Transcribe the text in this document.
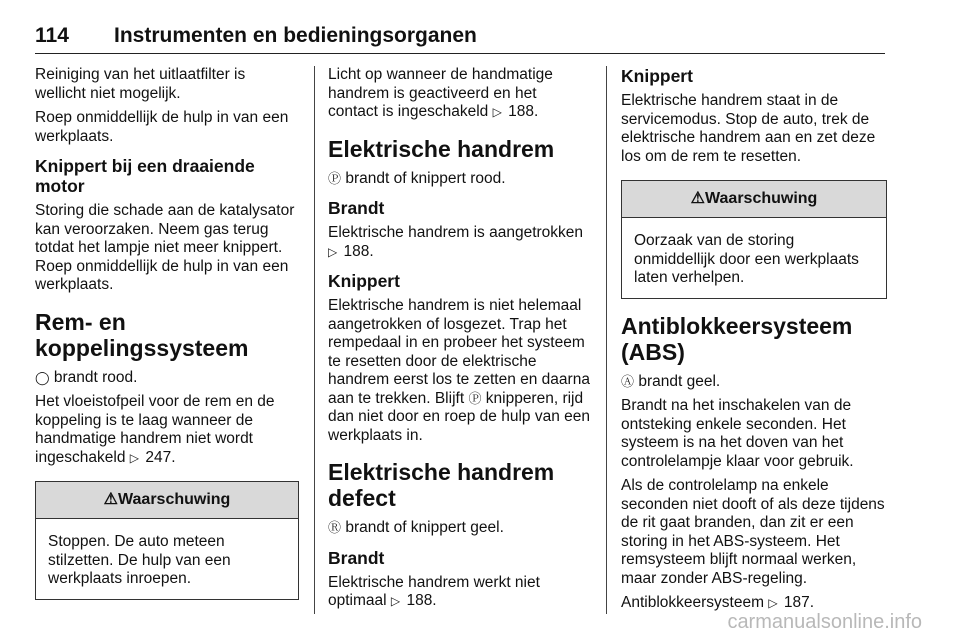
114 Instrumenten en bedieningsorganen

Reiniging van het uitlaatfilter is wellicht niet mogelijk.

Roep onmiddellijk de hulp in van een werkplaats.

Knippert bij een draaiende motor

Storing die schade aan de katalysator kan veroorzaken. Neem gas terug totdat het lampje niet meer knippert. Roep onmiddellijk de hulp in van een werkplaats.

Rem- en koppelingssysteem

◯ brandt rood.

Het vloeistofpeil voor de rem en de koppeling is te laag wanneer de handmatige handrem niet wordt ingeschakeld ▷ 247.

⚠Waarschuwing
Stoppen. De auto meteen stilzetten. De hulp van een werkplaats inroepen.

Licht op wanneer de handmatige handrem is geactiveerd en het contact is ingeschakeld ▷ 188.

Elektrische handrem

Ⓟ brandt of knippert rood.

Brandt

Elektrische handrem is aangetrokken ▷ 188.

Knippert

Elektrische handrem is niet helemaal aangetrokken of losgezet. Trap het rempedaal in en probeer het systeem te resetten door de elektrische handrem eerst los te zetten en daarna aan te trekken. Blijft Ⓟ knipperen, rijd dan niet door en roep de hulp van een werkplaats in.

Elektrische handrem defect

Ⓡ brandt of knippert geel.

Brandt

Elektrische handrem werkt niet optimaal ▷ 188.

Knippert

Elektrische handrem staat in de servicemodus. Stop de auto, trek de elektrische handrem aan en zet deze los om de rem te resetten.

⚠Waarschuwing
Oorzaak van de storing onmiddellijk door een werkplaats laten verhelpen.
Antiblokkeersysteem (ABS)

Ⓐ brandt geel.

Brandt na het inschakelen van de ontsteking enkele seconden. Het systeem is na het doven van het controlelampje klaar voor gebruik.

Als de controlelamp na enkele seconden niet dooft of als deze tijdens de rit gaat branden, dan zit er een storing in het ABS-systeem. Het remsysteem blijft normaal werken, maar zonder ABS-regeling.

Antiblokkeersysteem ▷ 187.

carmanualsonline.info
